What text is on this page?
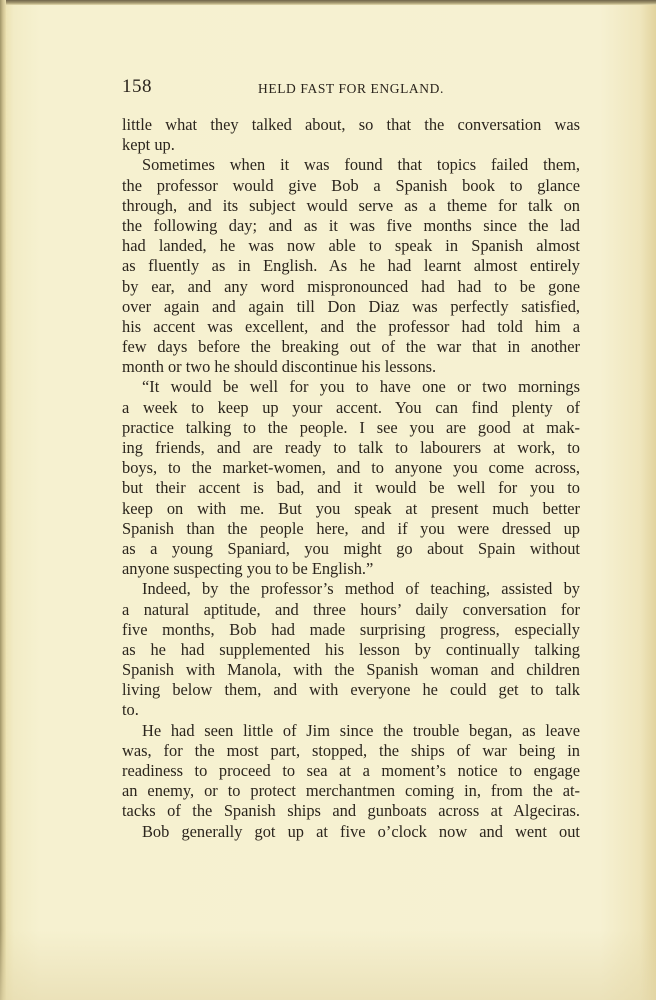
158	HELD FAST FOR ENGLAND.
little what they talked about, so that the conversation was
kept up.
Sometimes when it was found that topics failed them,
the professor would give Bob a Spanish book to glance
through, and its subject would serve as a theme for talk on
the following day; and as it was five months since the lad
had landed, he was now able to speak in Spanish almost
as fluently as in English. As he had learnt almost entirely
by ear, and any word mispronounced had had to be gone
over again and again till Don Diaz was perfectly satisfied,
his accent was excellent, and the professor had told him a
few days before the breaking out of the war that in another
month or two he should discontinue his lessons.
“It would be well for you to have one or two mornings
a week to keep up your accent. You can find plenty of
practice talking to the people. I see you are good at mak-
ing friends, and are ready to talk to labourers at work, to
boys, to the market-women, and to anyone you come across,
but their accent is bad, and it would be well for you to
keep on with me. But you speak at present much better
Spanish than the people here, and if you were dressed up
as a young Spaniard, you might go about Spain without
anyone suspecting you to be English.”
Indeed, by the professor’s method of teaching, assisted by
a natural aptitude, and three hours’ daily conversation for
five months, Bob had made surprising progress, especially
as he had supplemented his lesson by continually talking
Spanish with Manola, with the Spanish woman and children
living below them, and with everyone he could get to talk
to.
He had seen little of Jim since the trouble began, as leave
was, for the most part, stopped, the ships of war being in
readiness to proceed to sea at a moment’s notice to engage
an enemy, or to protect merchantmen coming in, from the at-
tacks of the Spanish ships and gunboats across at Algeciras.
Bob generally got up at five o’clock now and went out
